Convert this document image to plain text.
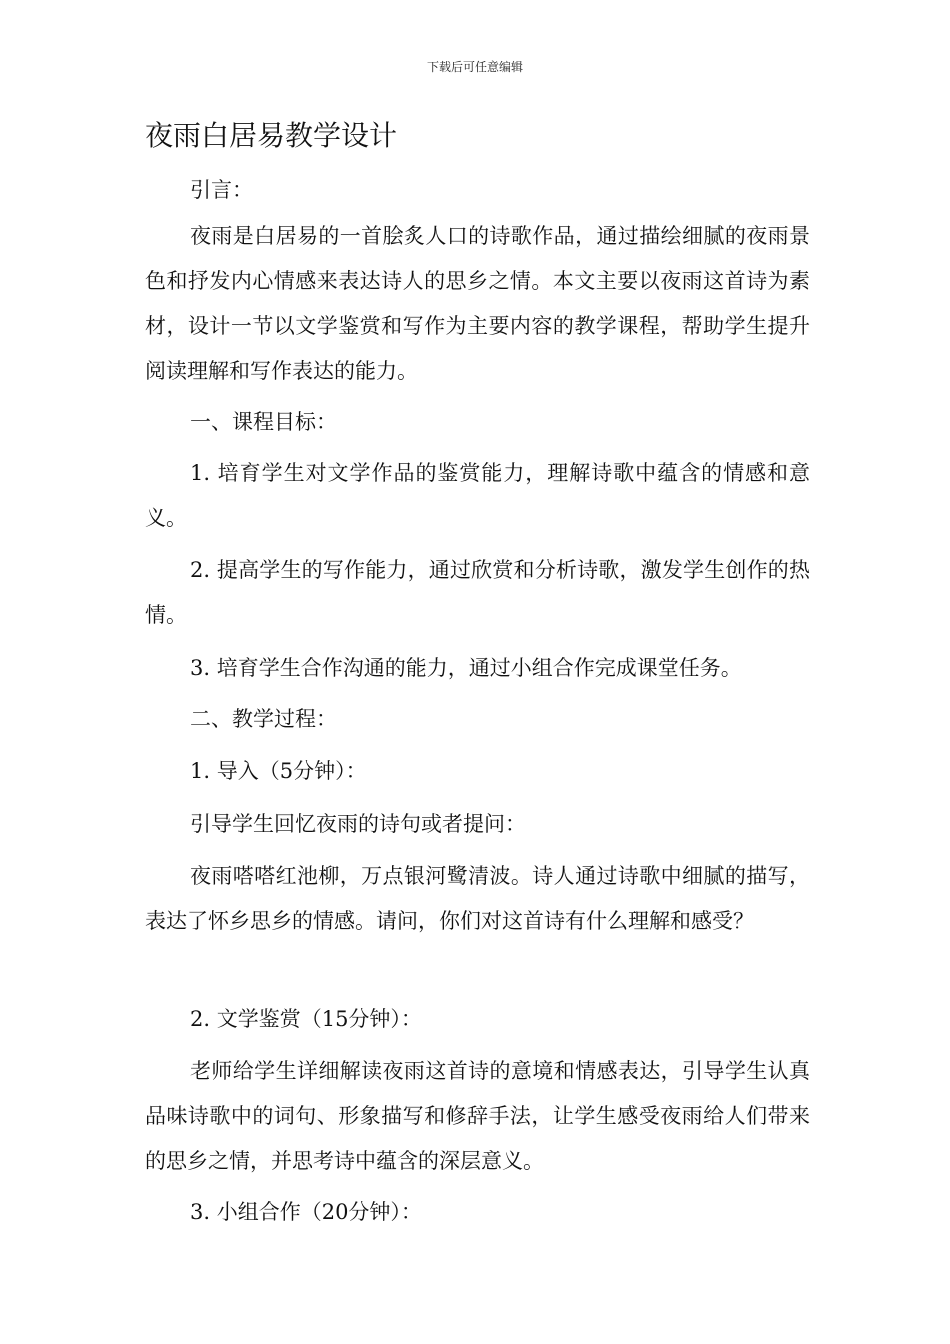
下载后可任意编辑
夜雨白居易教学设计

引言：

夜雨是白居易的一首脍炙人口的诗歌作品，通过描绘细腻的夜雨景色和抒发内心情感来表达诗人的思乡之情。本文主要以夜雨这首诗为素材，设计一节以文学鉴赏和写作为主要内容的教学课程，帮助学生提升阅读理解和写作表达的能力。

一、课程目标：

1. 培育学生对文学作品的鉴赏能力，理解诗歌中蕴含的情感和意义。

2. 提高学生的写作能力，通过欣赏和分析诗歌，激发学生创作的热情。

3. 培育学生合作沟通的能力，通过小组合作完成课堂任务。

二、教学过程：

1. 导入（5分钟）：

引导学生回忆夜雨的诗句或者提问：

夜雨嗒嗒红池柳，万点银河鹭清波。诗人通过诗歌中细腻的描写，表达了怀乡思乡的情感。请问，你们对这首诗有什么理解和感受？

2. 文学鉴赏（15分钟）：

老师给学生详细解读夜雨这首诗的意境和情感表达，引导学生认真品味诗歌中的词句、形象描写和修辞手法，让学生感受夜雨给人们带来的思乡之情，并思考诗中蕴含的深层意义。

3. 小组合作（20分钟）：
